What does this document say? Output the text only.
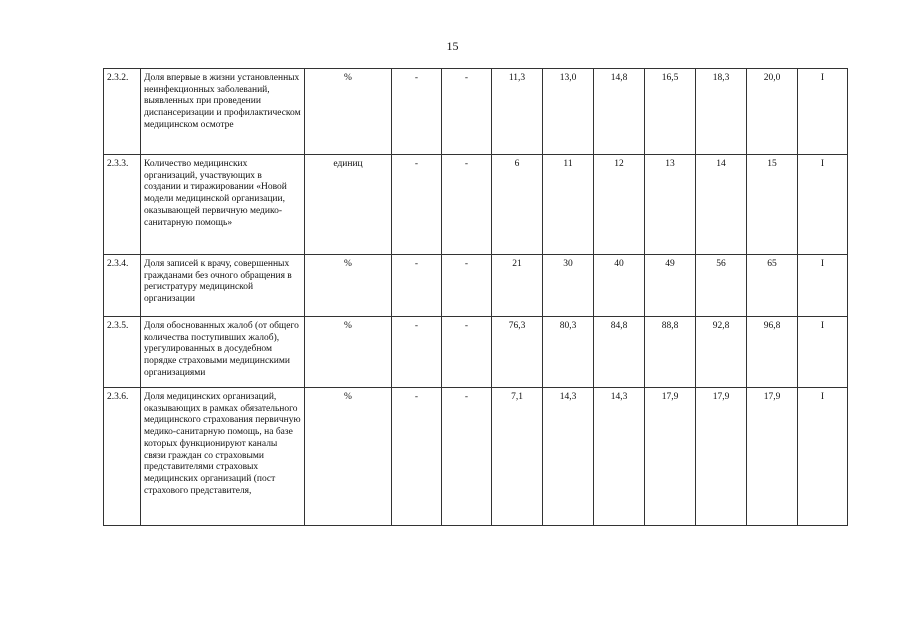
15
2.3.2.	Доля впервые в жизни установленных неинфекционных заболеваний, выявленных при проведении диспансеризации и профилактическом медицинском осмотре	%	-	-	11,3	13,0	14,8	16,5	18,3	20,0	I
2.3.3.	Количество медицинских организаций, участвующих в создании и тиражировании «Новой модели медицинской организации, оказывающей первичную медико-санитарную помощь»	единиц	-	-	6	11	12	13	14	15	I
2.3.4.	Доля записей к врачу, совершенных гражданами без очного обращения в регистратуру медицинской организации	%	-	-	21	30	40	49	56	65	I
2.3.5.	Доля обоснованных жалоб (от общего количества поступивших жалоб), урегулированных в досудебном порядке страховыми медицинскими организациями	%	-	-	76,3	80,3	84,8	88,8	92,8	96,8	I
2.3.6.	Доля медицинских организаций, оказывающих в рамках обязательного медицинского страхования первичную медико-санитарную помощь, на базе которых функционируют каналы связи граждан со страховыми представителями страховых медицинских организаций (пост страхового представителя,	%	-	-	7,1	14,3	14,3	17,9	17,9	17,9	I
